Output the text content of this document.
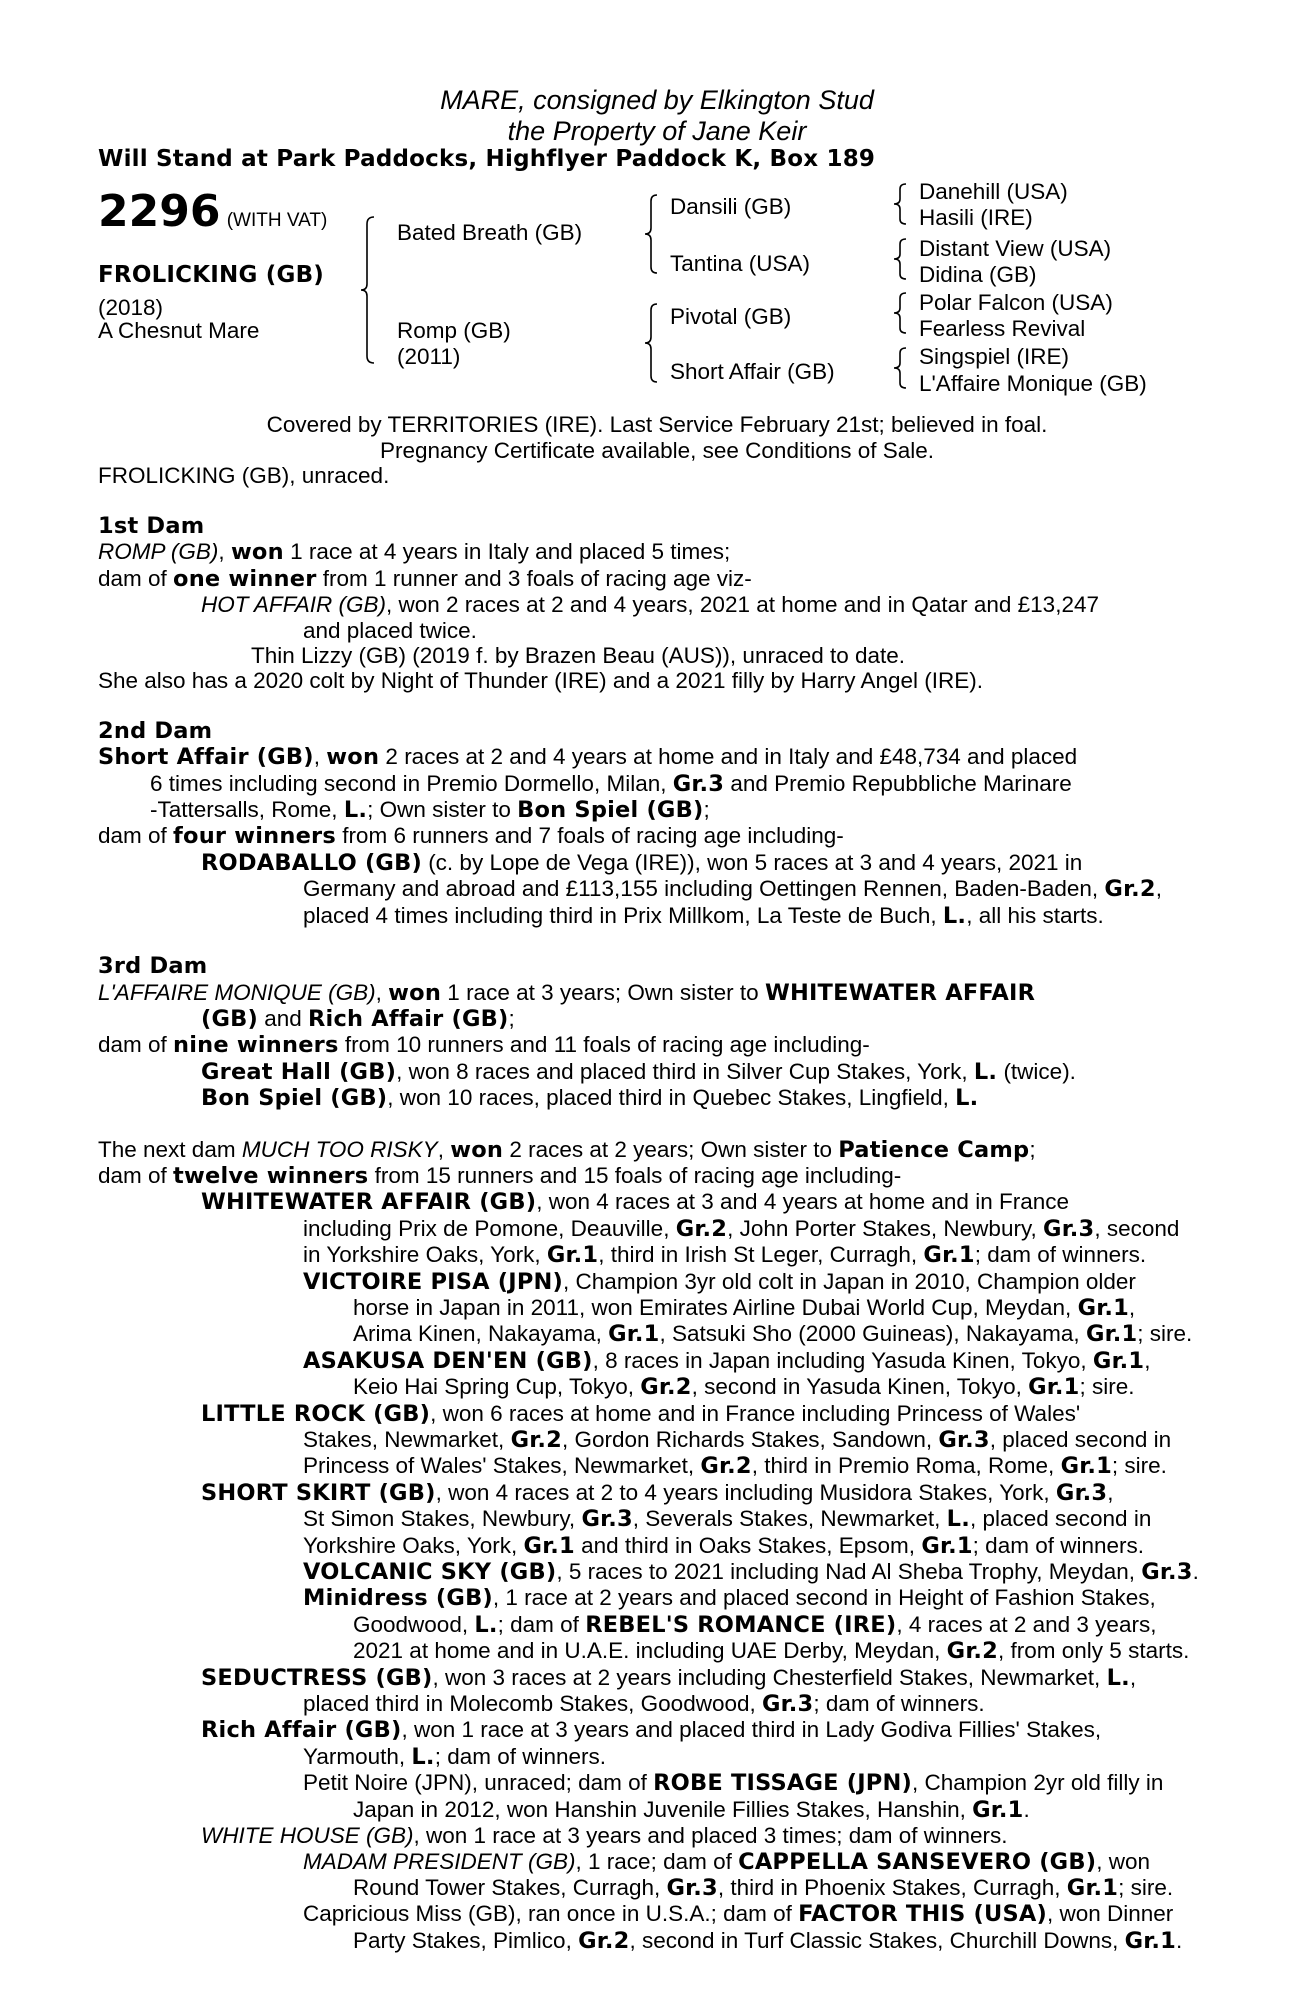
MARE, consigned by Elkington Stud
the Property of Jane Keir
Will Stand at Park Paddocks, Highflyer Paddock K, Box 189
2296 (WITH VAT)
FROLICKING (GB)
(2018)
A Chesnut Mare
Bated Breath (GB)
Romp (GB)
(2011)
Dansili (GB)
Tantina (USA)
Pivotal (GB)
Short Affair (GB)
Danehill (USA)
Hasili (IRE)
Distant View (USA)
Didina (GB)
Polar Falcon (USA)
Fearless Revival
Singspiel (IRE)
L'Affaire Monique (GB)
Covered by TERRITORIES (IRE). Last Service February 21st; believed in foal.
Pregnancy Certificate available, see Conditions of Sale.
FROLICKING (GB), unraced.
1st Dam
ROMP (GB), won 1 race at 4 years in Italy and placed 5 times;
dam of one winner from 1 runner and 3 foals of racing age viz-
HOT AFFAIR (GB), won 2 races at 2 and 4 years, 2021 at home and in Qatar and £13,247
and placed twice.
Thin Lizzy (GB) (2019 f. by Brazen Beau (AUS)), unraced to date.
She also has a 2020 colt by Night of Thunder (IRE) and a 2021 filly by Harry Angel (IRE).
2nd Dam
Short Affair (GB), won 2 races at 2 and 4 years at home and in Italy and £48,734 and placed
6 times including second in Premio Dormello, Milan, Gr.3 and Premio Repubbliche Marinare
-Tattersalls, Rome, L.; Own sister to Bon Spiel (GB);
dam of four winners from 6 runners and 7 foals of racing age including-
RODABALLO (GB) (c. by Lope de Vega (IRE)), won 5 races at 3 and 4 years, 2021 in
Germany and abroad and £113,155 including Oettingen Rennen, Baden-Baden, Gr.2,
placed 4 times including third in Prix Millkom, La Teste de Buch, L., all his starts.
3rd Dam
L'AFFAIRE MONIQUE (GB), won 1 race at 3 years; Own sister to WHITEWATER AFFAIR
(GB) and Rich Affair (GB);
dam of nine winners from 10 runners and 11 foals of racing age including-
Great Hall (GB), won 8 races and placed third in Silver Cup Stakes, York, L. (twice).
Bon Spiel (GB), won 10 races, placed third in Quebec Stakes, Lingfield, L.
The next dam MUCH TOO RISKY, won 2 races at 2 years; Own sister to Patience Camp;
dam of twelve winners from 15 runners and 15 foals of racing age including-
WHITEWATER AFFAIR (GB), won 4 races at 3 and 4 years at home and in France
including Prix de Pomone, Deauville, Gr.2, John Porter Stakes, Newbury, Gr.3, second
in Yorkshire Oaks, York, Gr.1, third in Irish St Leger, Curragh, Gr.1; dam of winners.
VICTOIRE PISA (JPN), Champion 3yr old colt in Japan in 2010, Champion older
horse in Japan in 2011, won Emirates Airline Dubai World Cup, Meydan, Gr.1,
Arima Kinen, Nakayama, Gr.1, Satsuki Sho (2000 Guineas), Nakayama, Gr.1; sire.
ASAKUSA DEN'EN (GB), 8 races in Japan including Yasuda Kinen, Tokyo, Gr.1,
Keio Hai Spring Cup, Tokyo, Gr.2, second in Yasuda Kinen, Tokyo, Gr.1; sire.
LITTLE ROCK (GB), won 6 races at home and in France including Princess of Wales'
Stakes, Newmarket, Gr.2, Gordon Richards Stakes, Sandown, Gr.3, placed second in
Princess of Wales' Stakes, Newmarket, Gr.2, third in Premio Roma, Rome, Gr.1; sire.
SHORT SKIRT (GB), won 4 races at 2 to 4 years including Musidora Stakes, York, Gr.3,
St Simon Stakes, Newbury, Gr.3, Severals Stakes, Newmarket, L., placed second in
Yorkshire Oaks, York, Gr.1 and third in Oaks Stakes, Epsom, Gr.1; dam of winners.
VOLCANIC SKY (GB), 5 races to 2021 including Nad Al Sheba Trophy, Meydan, Gr.3.
Minidress (GB), 1 race at 2 years and placed second in Height of Fashion Stakes,
Goodwood, L.; dam of REBEL'S ROMANCE (IRE), 4 races at 2 and 3 years,
2021 at home and in U.A.E. including UAE Derby, Meydan, Gr.2, from only 5 starts.
SEDUCTRESS (GB), won 3 races at 2 years including Chesterfield Stakes, Newmarket, L.,
placed third in Molecomb Stakes, Goodwood, Gr.3; dam of winners.
Rich Affair (GB), won 1 race at 3 years and placed third in Lady Godiva Fillies' Stakes,
Yarmouth, L.; dam of winners.
Petit Noire (JPN), unraced; dam of ROBE TISSAGE (JPN), Champion 2yr old filly in
Japan in 2012, won Hanshin Juvenile Fillies Stakes, Hanshin, Gr.1.
WHITE HOUSE (GB), won 1 race at 3 years and placed 3 times; dam of winners.
MADAM PRESIDENT (GB), 1 race; dam of CAPPELLA SANSEVERO (GB), won
Round Tower Stakes, Curragh, Gr.3, third in Phoenix Stakes, Curragh, Gr.1; sire.
Capricious Miss (GB), ran once in U.S.A.; dam of FACTOR THIS (USA), won Dinner
Party Stakes, Pimlico, Gr.2, second in Turf Classic Stakes, Churchill Downs, Gr.1.
